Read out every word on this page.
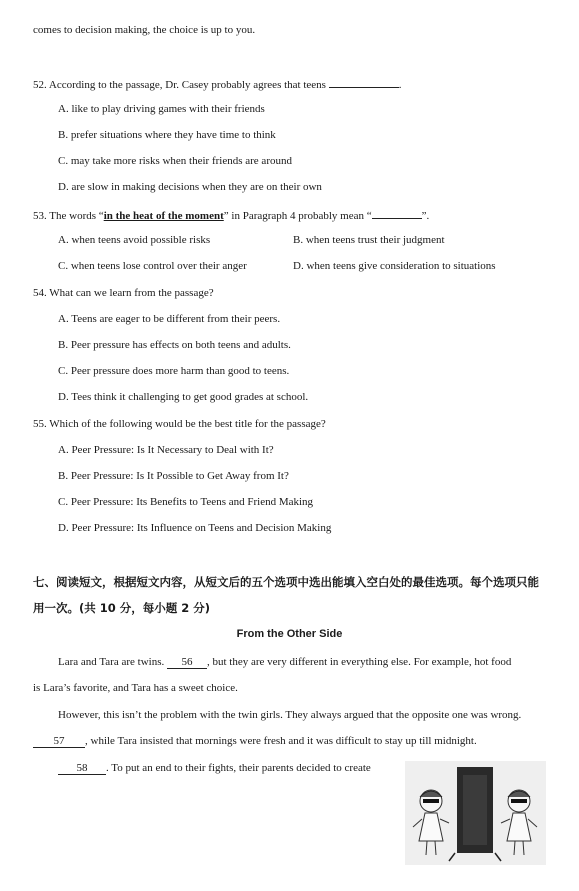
comes to decision making, the choice is up to you.
52. According to the passage, Dr. Casey probably agrees that teens	.
A. like to play driving games with their friends
B. prefer situations where they have time to think
C. may take more risks when their friends are around
D. are slow in making decisions when they are on their own
53. The words “in the heat of the moment” in Paragraph 4 probably mean “	”.
A. when teens avoid possible risks	B. when teens trust their judgment
C. when teens lose control over their anger	D. when teens give consideration to situations
54. What can we learn from the passage?
A. Teens are eager to be different from their peers.
B. Peer pressure has effects on both teens and adults.
C. Peer pressure does more harm than good to teens.
D. Tees think it challenging to get good grades at school.
55. Which of the following would be the best title for the passage?
A. Peer Pressure: Is It Necessary to Deal with It?
B. Peer Pressure: Is It Possible to Get Away from It?
C. Peer Pressure: Its Benefits to Teens and Friend Making
D. Peer Pressure: Its Influence on Teens and Decision Making
七、阅读短文，根据短文内容，从短文后的五个选项中选出能填入空白处的最佳选项。每个选项只能
用一次。(共 10 分，每小题 2 分)
From the Other Side
Lara and Tara are twins. 56 , but they are very different in everything else. For example, hot food
is Lara’s favorite, and Tara has a sweet choice.
However, this isn’t the problem with the twin girls. They always argued that the opposite one was wrong.
57 , while Tara insisted that mornings were fresh and it was difficult to stay up till midnight.
58 . To put an end to their fights, their parents decided to create
